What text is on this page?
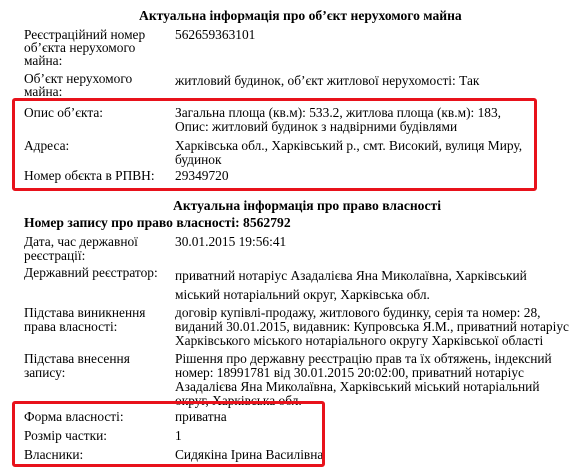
Актуальна інформація про об’єкт нерухомого майна
Реєстраційний номер
об’єкта нерухомого
майна:
562659363101
Об’єкт нерухомого
майна:
житловий будинок, об’єкт житлової нерухомості: Так
Опис об’єкта:	Загальна площа (кв.м): 533.2, житлова площа (кв.м): 183, Опис: житловий будинок з надвірними будівлями
Адреса:	Харківська обл., Харківський р., смт. Високий, вулиця Миру, будинок
Номер обєкта в РПВН: 29349720
Актуальна інформація про право власності
Номер запису про право власності: 8562792
Дата, час державної
реєстрації:
30.01.2015 19:56:41
Державний реєстратор: приватний нотаріус Азадалієва Яна Миколаївна, Харківський міський нотаріальний округ, Харківська обл.
Підстава виникнення
права власності:
договір купівлі-продажу, житлового будинку, серія та номер: 28, виданий 30.01.2015, видавник: Купровська Я.М., приватний нотаріус Харківського міського нотаріального округу Харківської області
Підстава внесення
запису:
Рішення про державну реєстрацію прав та їх обтяжень, індексний номер: 18991781 від 30.01.2015 20:02:00, приватний нотаріус Азадалієва Яна Миколаївна, Харківський міський нотаріальний округ, Харківська обл.
Форма власності:	приватна
Розмір частки:	1
Власники:	Сидякіна Ірина Василівна
